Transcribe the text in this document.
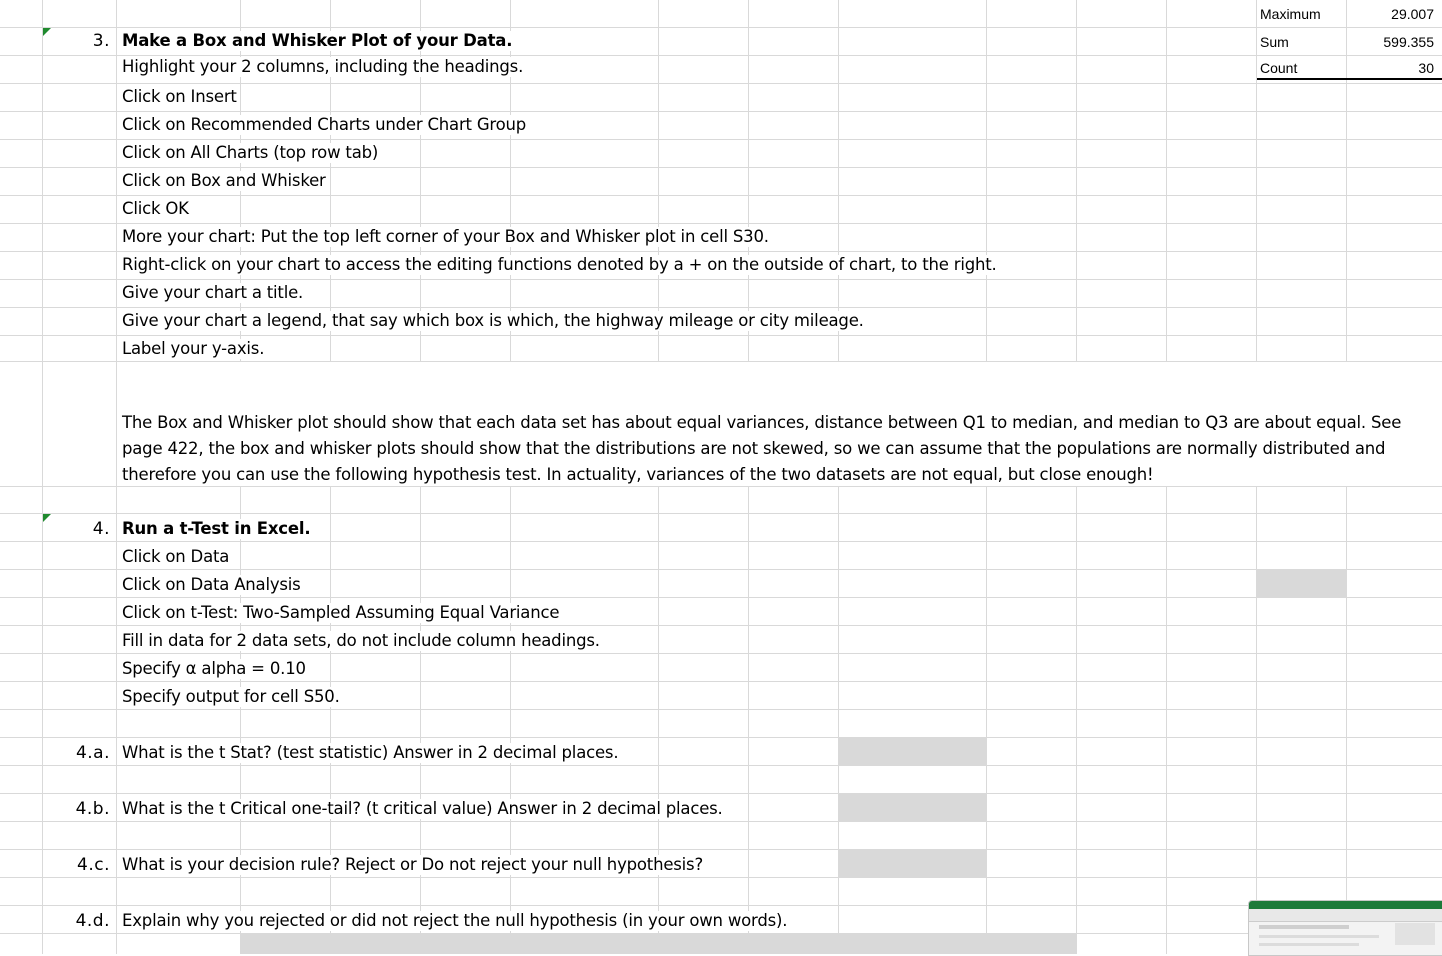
Maximum	29.007
Sum	599.355
Count	30
3. Make a Box and Whisker Plot of your Data.
Highlight your 2 columns, including the headings.
Click on Insert
Click on Recommended Charts under Chart Group
Click on All Charts (top row tab)
Click on Box and Whisker
Click OK
More your chart: Put the top left corner of your Box and Whisker plot in cell S30.
Right-click on your chart to access the editing functions denoted by a + on the outside of chart, to the right.
Give your chart a title.
Give your chart a legend, that say which box is which, the highway mileage or city mileage.
Label your y-axis.
The Box and Whisker plot should show that each data set has about equal variances, distance between Q1 to median, and median to Q3 are about equal. See page 422, the box and whisker plots should show that the distributions are not skewed, so we can assume that the populations are normally distributed and therefore you can use the following hypothesis test. In actuality, variances of the two datasets are not equal, but close enough!
4. Run a t-Test in Excel.
Click on Data
Click on Data Analysis
Click on t-Test: Two-Sampled Assuming Equal Variance
Fill in data for 2 data sets, do not include column headings.
Specify α alpha = 0.10
Specify output for cell S50.
4.a. What is the t Stat? (test statistic) Answer in 2 decimal places.
4.b. What is the t Critical one-tail? (t critical value) Answer in 2 decimal places.
4.c. What is your decision rule? Reject or Do not reject your null hypothesis?
4.d. Explain why you rejected or did not reject the null hypothesis (in your own words).
